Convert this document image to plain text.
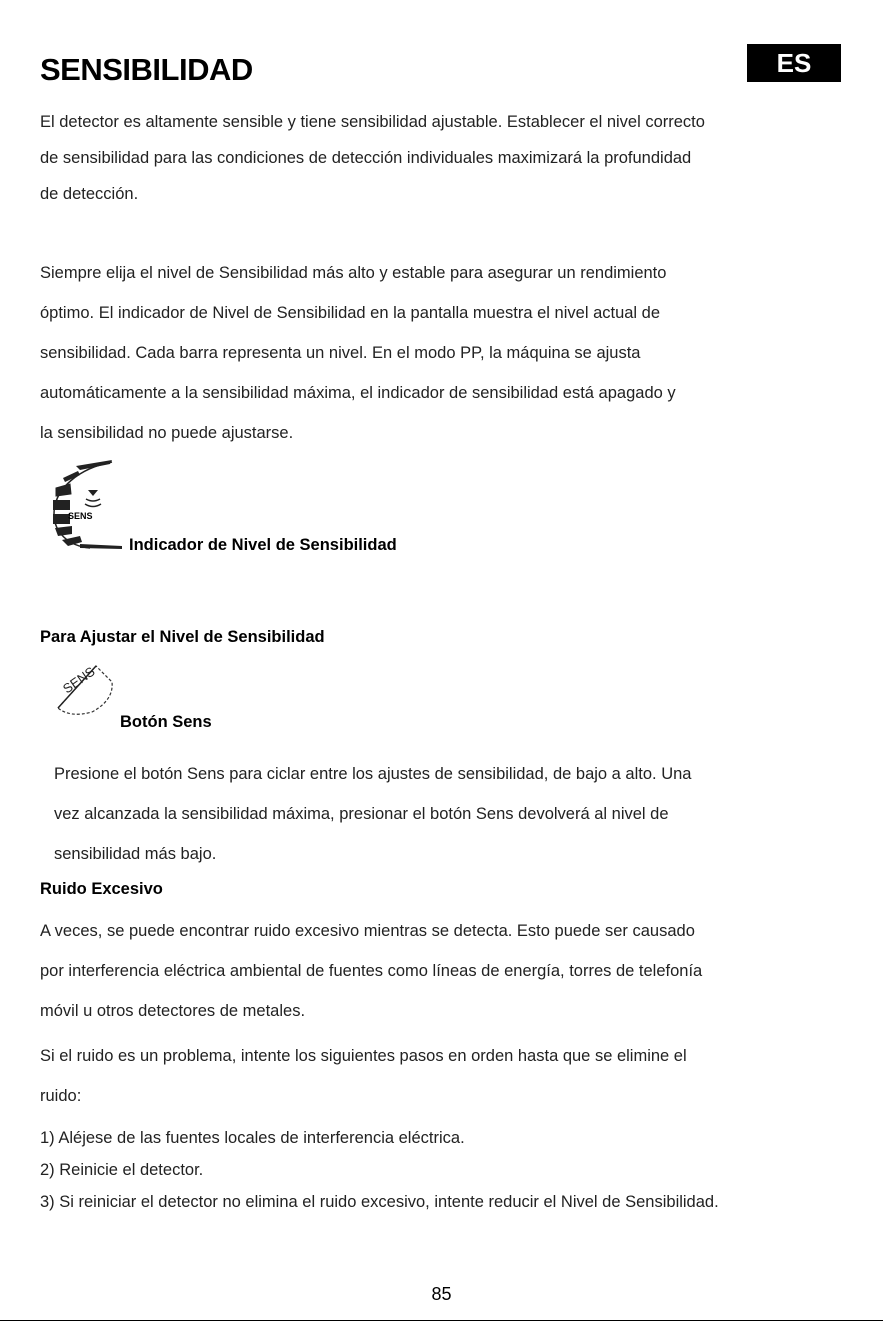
SENSIBILIDAD	ES
El detector es altamente sensible y tiene sensibilidad ajustable. Establecer el nivel correcto
de sensibilidad para las condiciones de detección individuales maximizará la profundidad
de detección.
Siempre elija el nivel de Sensibilidad más alto y estable para asegurar un rendimiento
óptimo. El indicador de Nivel de Sensibilidad en la pantalla muestra el nivel actual de
sensibilidad. Cada barra representa un nivel. En el modo PP, la máquina se ajusta
automáticamente a la sensibilidad máxima, el indicador de sensibilidad está apagado y
la sensibilidad no puede ajustarse.
SENS
Indicador de Nivel de Sensibilidad
Para Ajustar el Nivel de Sensibilidad
SENS
Botón Sens
Presione el botón Sens para ciclar entre los ajustes de sensibilidad, de bajo a alto. Una
vez alcanzada la sensibilidad máxima, presionar el botón Sens devolverá al nivel de
sensibilidad más bajo.
Ruido Excesivo
A veces, se puede encontrar ruido excesivo mientras se detecta. Esto puede ser causado
por interferencia eléctrica ambiental de fuentes como líneas de energía, torres de telefonía
móvil u otros detectores de metales.
Si el ruido es un problema, intente los siguientes pasos en orden hasta que se elimine el
ruido:
1) Aléjese de las fuentes locales de interferencia eléctrica.
2) Reinicie el detector.
3) Si reiniciar el detector no elimina el ruido excesivo, intente reducir el Nivel de Sensibilidad.
85
